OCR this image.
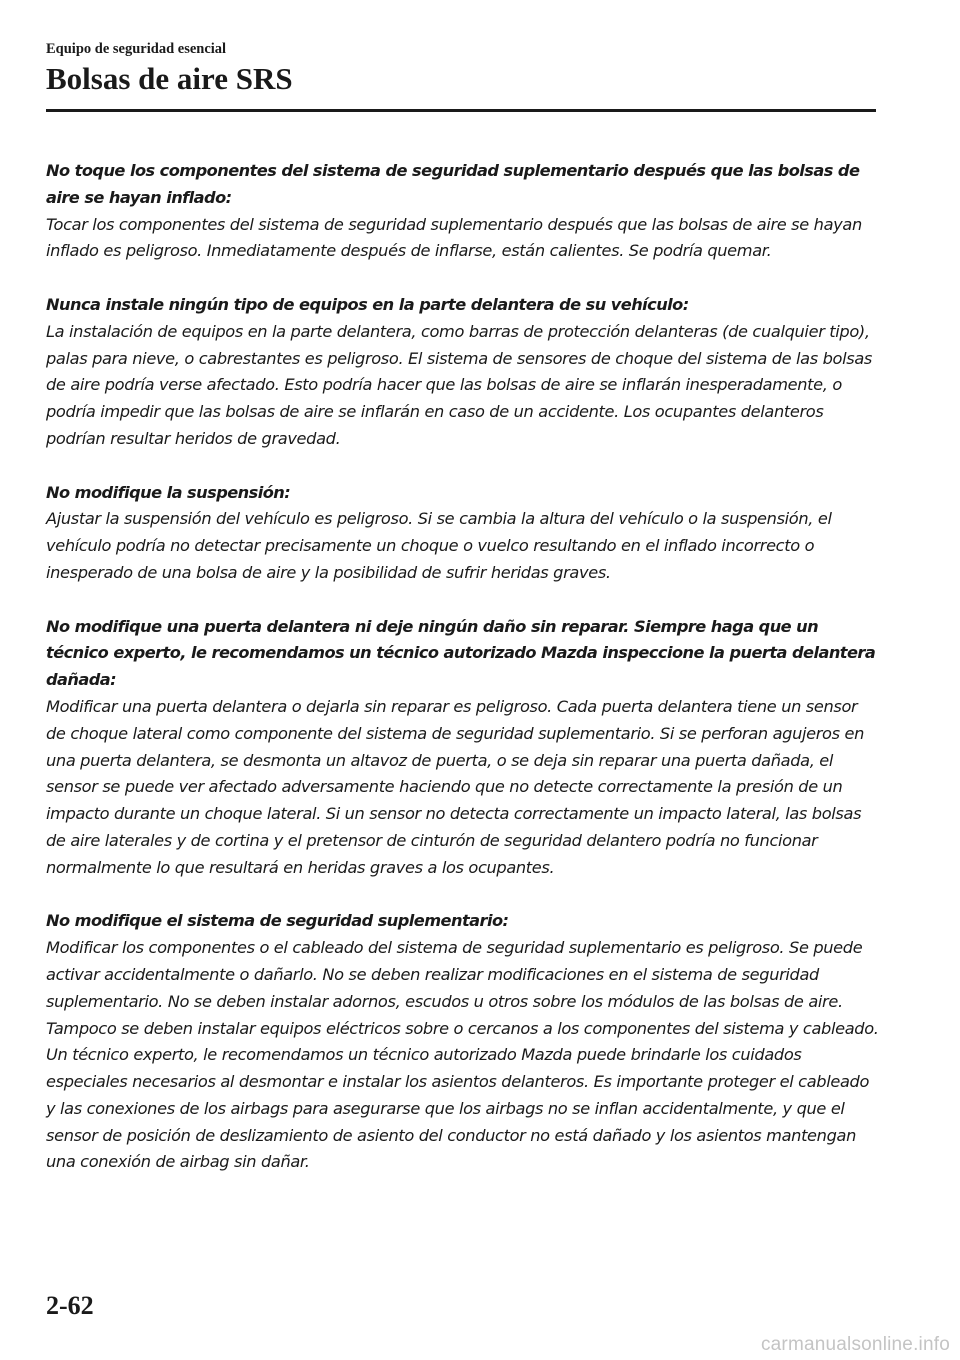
Equipo de seguridad esencial
Bolsas de aire SRS
No toque los componentes del sistema de seguridad suplementario después que las bolsas de aire se hayan inflado:
Tocar los componentes del sistema de seguridad suplementario después que las bolsas de aire se hayan inflado es peligroso. Inmediatamente después de inflarse, están calientes. Se podría quemar.
Nunca instale ningún tipo de equipos en la parte delantera de su vehículo:
La instalación de equipos en la parte delantera, como barras de protección delanteras (de cualquier tipo), palas para nieve, o cabrestantes es peligroso. El sistema de sensores de choque del sistema de las bolsas de aire podría verse afectado. Esto podría hacer que las bolsas de aire se inflarán inesperadamente, o podría impedir que las bolsas de aire se inflarán en caso de un accidente. Los ocupantes delanteros podrían resultar heridos de gravedad.
No modifique la suspensión:
Ajustar la suspensión del vehículo es peligroso. Si se cambia la altura del vehículo o la suspensión, el vehículo podría no detectar precisamente un choque o vuelco resultando en el inflado incorrecto o inesperado de una bolsa de aire y la posibilidad de sufrir heridas graves.
No modifique una puerta delantera ni deje ningún daño sin reparar. Siempre haga que un técnico experto, le recomendamos un técnico autorizado Mazda inspeccione la puerta delantera dañada:
Modificar una puerta delantera o dejarla sin reparar es peligroso. Cada puerta delantera tiene un sensor de choque lateral como componente del sistema de seguridad suplementario. Si se perforan agujeros en una puerta delantera, se desmonta un altavoz de puerta, o se deja sin reparar una puerta dañada, el sensor se puede ver afectado adversamente haciendo que no detecte correctamente la presión de un impacto durante un choque lateral. Si un sensor no detecta correctamente un impacto lateral, las bolsas de aire laterales y de cortina y el pretensor de cinturón de seguridad delantero podría no funcionar normalmente lo que resultará en heridas graves a los ocupantes.
No modifique el sistema de seguridad suplementario:
Modificar los componentes o el cableado del sistema de seguridad suplementario es peligroso. Se puede activar accidentalmente o dañarlo. No se deben realizar modificaciones en el sistema de seguridad suplementario. No se deben instalar adornos, escudos u otros sobre los módulos de las bolsas de aire. Tampoco se deben instalar equipos eléctricos sobre o cercanos a los componentes del sistema y cableado. Un técnico experto, le recomendamos un técnico autorizado Mazda puede brindarle los cuidados especiales necesarios al desmontar e instalar los asientos delanteros. Es importante proteger el cableado y las conexiones de los airbags para asegurarse que los airbags no se inflan accidentalmente, y que el sensor de posición de deslizamiento de asiento del conductor no está dañado y los asientos mantengan una conexión de airbag sin dañar.
2-62
carmanualsonline.info
